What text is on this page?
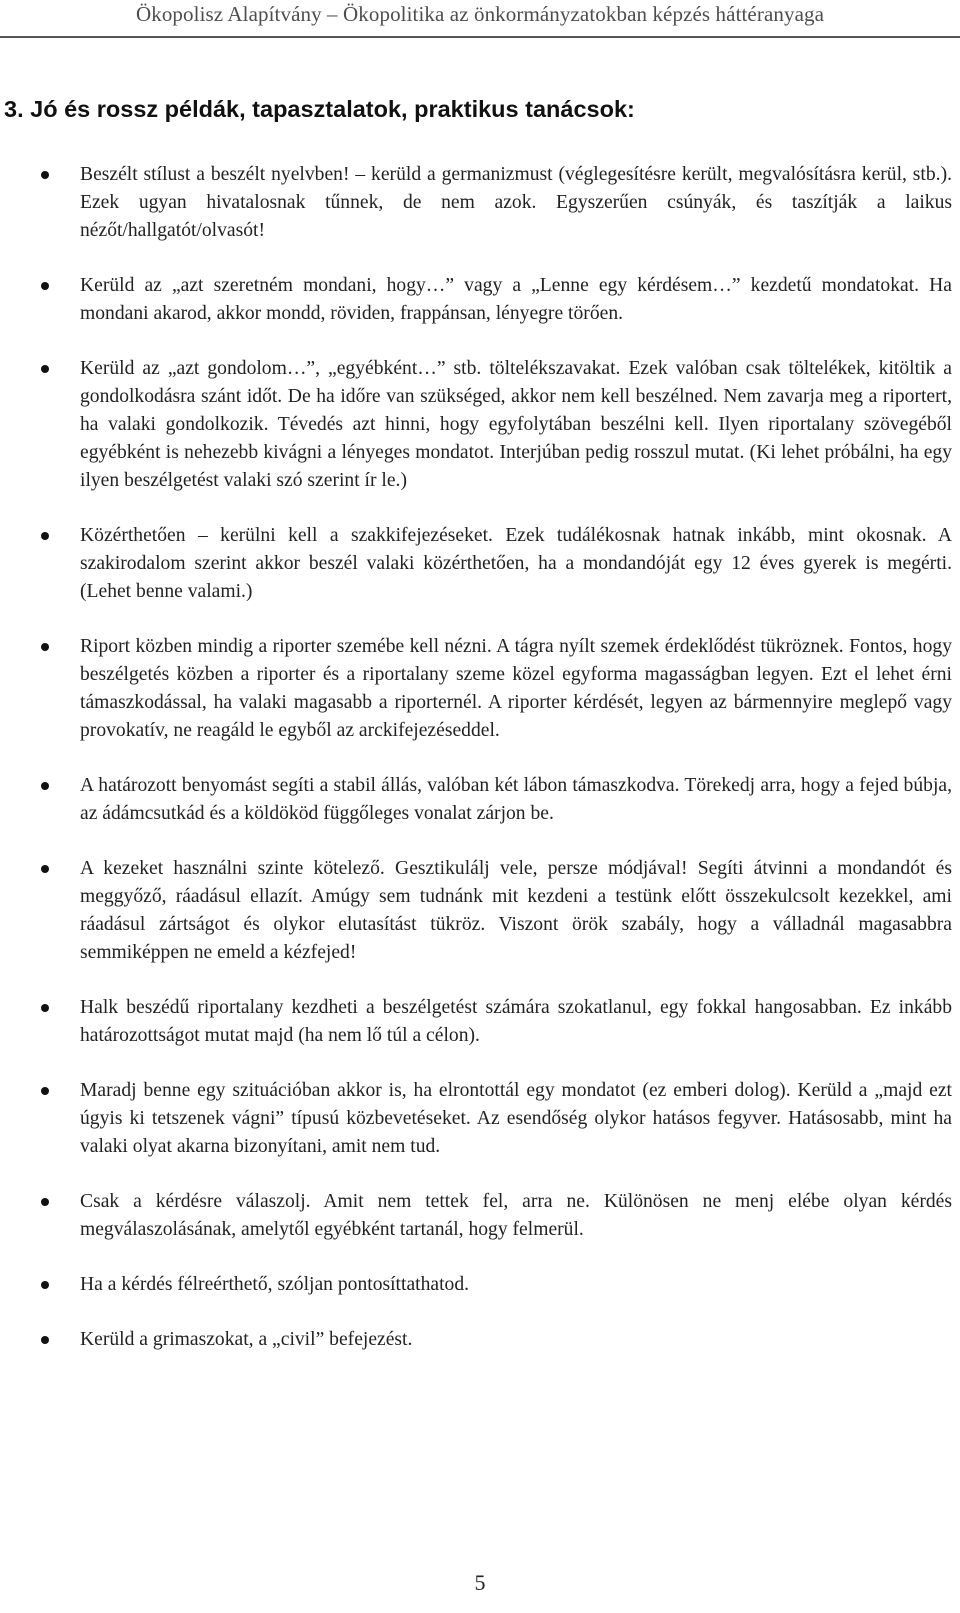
Ökopolisz Alapítvány – Ökopolitika az önkormányzatokban képzés háttéranyaga
3. Jó és rossz példák, tapasztalatok, praktikus tanácsok:

Beszélt stílust a beszélt nyelvben! – kerüld a germanizmust (véglegesítésre került, megvalósításra kerül, stb.). Ezek ugyan hivatalosnak tűnnek, de nem azok. Egyszerűen csúnyák, és taszítják a laikus nézőt/hallgatót/olvasót!

Kerüld az „azt szeretném mondani, hogy…” vagy a „Lenne egy kérdésem…” kezdetű mondatokat. Ha mondani akarod, akkor mondd, röviden, frappánsan, lényegre törően.

Kerüld az „azt gondolom…”, „egyébként…” stb. töltelékszavakat. Ezek valóban csak töltelékek, kitöltik a gondolkodásra szánt időt. De ha időre van szükséged, akkor nem kell beszélned. Nem zavarja meg a riportert, ha valaki gondolkozik. Tévedés azt hinni, hogy egyfolytában beszélni kell. Ilyen riportalany szövegéből egyébként is nehezebb kivágni a lényeges mondatot. Interjúban pedig rosszul mutat. (Ki lehet próbálni, ha egy ilyen beszélgetést valaki szó szerint ír le.)

Közérthetően – kerülni kell a szakkifejezéseket. Ezek tudálékosnak hatnak inkább, mint okosnak. A szakirodalom szerint akkor beszél valaki közérthetően, ha a mondandóját egy 12 éves gyerek is megérti. (Lehet benne valami.)

Riport közben mindig a riporter szemébe kell nézni. A tágra nyílt szemek érdeklődést tükröznek. Fontos, hogy beszélgetés közben a riporter és a riportalany szeme közel egyforma magasságban legyen. Ezt el lehet érni támaszkodással, ha valaki magasabb a riporternél. A riporter kérdését, legyen az bármennyire meglepő vagy provokatív, ne reagáld le egyből az arckifejezéseddel.

A határozott benyomást segíti a stabil állás, valóban két lábon támaszkodva. Törekedj arra, hogy a fejed búbja, az ádámcsutkád és a köldököd függőleges vonalat zárjon be.

A kezeket használni szinte kötelező. Gesztikulálj vele, persze módjával! Segíti átvinni a mondandót és meggyőző, ráadásul ellazít. Amúgy sem tudnánk mit kezdeni a testünk előtt összekulcsolt kezekkel, ami ráadásul zártságot és olykor elutasítást tükröz. Viszont örök szabály, hogy a válladnál magasabbra semmiképpen ne emeld a kézfejed!

Halk beszédű riportalany kezdheti a beszélgetést számára szokatlanul, egy fokkal hangosabban. Ez inkább határozottságot mutat majd (ha nem lő túl a célon).

Maradj benne egy szituációban akkor is, ha elrontottál egy mondatot (ez emberi dolog). Kerüld a „majd ezt úgyis ki tetszenek vágni” típusú közbevetéseket. Az esendőség olykor hatásos fegyver. Hatásosabb, mint ha valaki olyat akarna bizonyítani, amit nem tud.

Csak a kérdésre válaszolj. Amit nem tettek fel, arra ne. Különösen ne menj elébe olyan kérdés megválaszolásának, amelytől egyébként tartanál, hogy felmerül.

Ha a kérdés félreérthető, szóljan pontosíttathatod.

Kerüld a grimaszokat, a „civil” befejezést.

5
